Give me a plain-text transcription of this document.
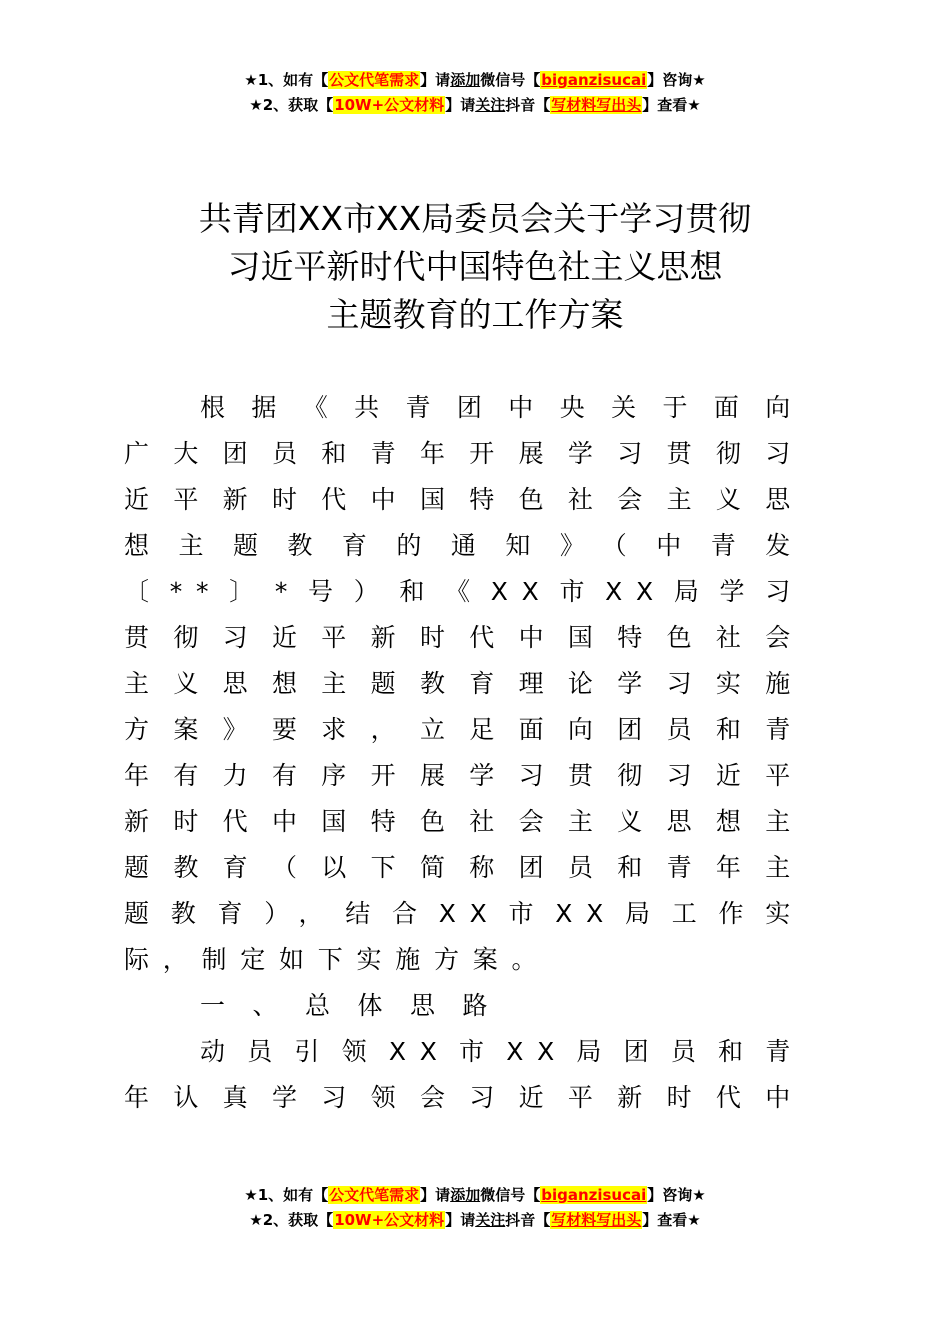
★1、如有【公文代笔需求】请添加微信号【biganzisucai】咨询★
★2、获取【10W+公文材料】请关注抖音【写材料写出头】查看★
共青团XX市XX局委员会关于学习贯彻
习近平新时代中国特色社主义思想
主题教育的工作方案
根据《共青团中央关于面向
广大团员和青年开展学习贯彻习
近平新时代中国特色社会主义思
想主题教育的通知》（中青发
〔**〕*号）和《XX市XX局学习
贯彻习近平新时代中国特色社会
主义思想主题教育理论学习实施
方案》要求，立足面向团员和青
年有力有序开展学习贯彻习近平
新时代中国特色社会主义思想主
题教育（以下简称团员和青年主
题教育），结合XX市XX局工作实
际，制定如下实施方案。
一、总体思路
动员引领XX市XX局团员和青
年认真学习领会习近平新时代中
★1、如有【公文代笔需求】请添加微信号【biganzisucai】咨询★
★2、获取【10W+公文材料】请关注抖音【写材料写出头】查看★
